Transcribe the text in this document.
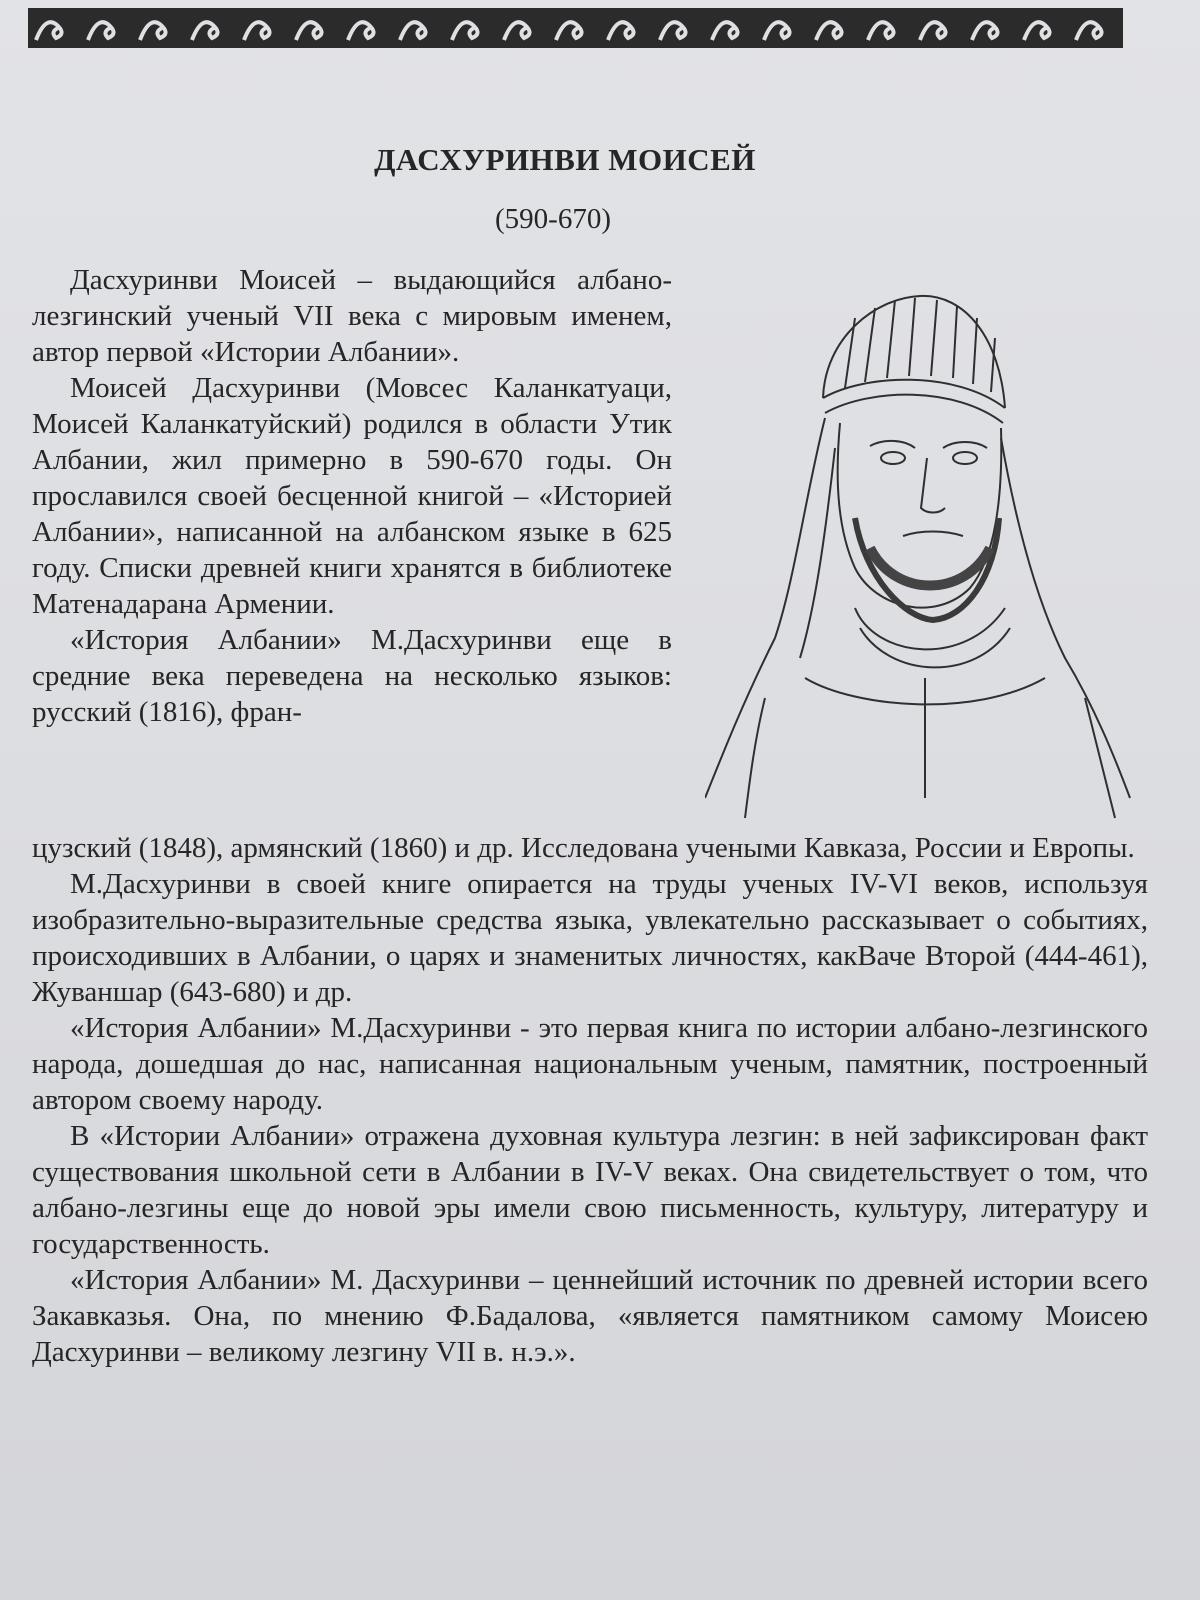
ДАСХУРИНВИ МОИСЕЙ
(590-670)

Дасхуринви Моисей – выдающийся албано-лезгинский ученый VII века с мировым именем, автор первой «Истории Албании».

Моисей Дасхуринви (Мовсес Каланкатуаци, Моисей Каланкатуйский) родился в области Утик Албании, жил примерно в 590-670 годы. Он прославился своей бесценной книгой – «Историей Албании», написанной на албанском языке в 625 году. Списки древней книги хранятся в библиотеке Матенадарана Армении.

«История Албании» М.Дасхуринви еще в средние века переведена на несколько языков: русский (1816), фран-

цузский (1848), армянский (1860) и др. Исследована учеными Кавказа, России и Европы.

М.Дасхуринви в своей книге опирается на труды ученых IV-VI веков, используя изобразительно-выразительные средства языка, увлекательно рассказывает о событиях, происходивших в Албании, о царях и знаменитых личностях, какВаче Второй (444-461), Жуваншар (643-680) и др.

«История Албании» М.Дасхуринви - это первая книга по истории албано-лезгинского народа, дошедшая до нас, написанная национальным ученым, памятник, построенный автором своему народу.

В «Истории Албании» отражена духовная культура лезгин: в ней зафиксирован факт существования школьной сети в Албании в IV-V веках. Она свидетельствует о том, что албано-лезгины еще до новой эры имели свою письменность, культуру, литературу и государственность.

«История Албании» М. Дасхуринви – ценнейший источник по древней истории всего Закавказья. Она, по мнению Ф.Бадалова, «является памятником самому Моисею Дасхуринви – великому лезгину VII в. н.э.».
